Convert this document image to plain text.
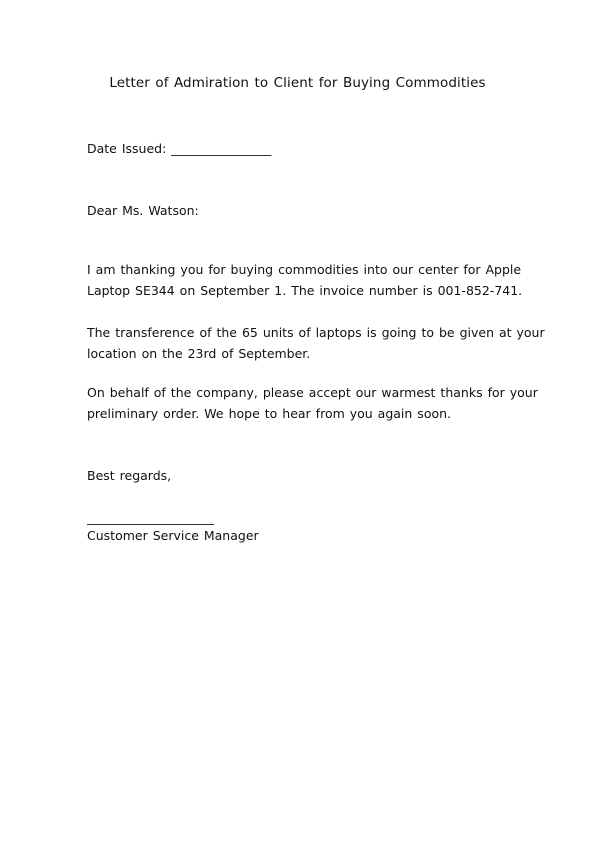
Letter of Admiration to Client for Buying Commodities
Date Issued: ________________
Dear Ms. Watson:
I am thanking you for buying commodities into our center for Apple
Laptop SE344 on September 1. The invoice number is 001-852-741.
The transference of the 65 units of laptops is going to be given at your
location on the 23rd of September.
On behalf of the company, please accept our warmest thanks for your
preliminary order. We hope to hear from you again soon.
Best regards,
______________________
Customer Service Manager
